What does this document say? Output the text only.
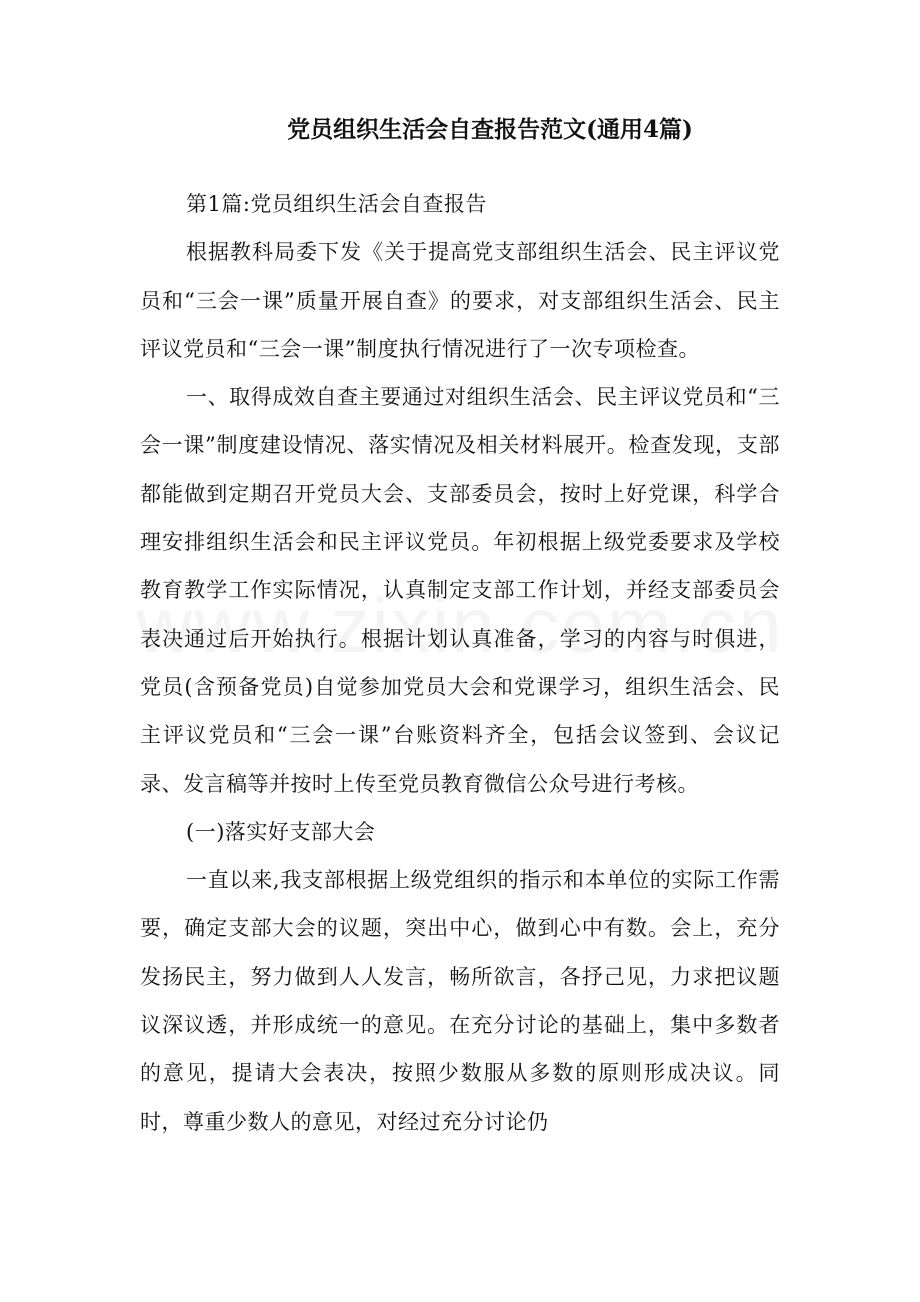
党员组织生活会自查报告范文(通用4篇)

第1篇:党员组织生活会自查报告

根据教科局委下发《关于提高党支部组织生活会、民主评议党员和“三会一课”质量开展自查》的要求，对支部组织生活会、民主评议党员和“三会一课”制度执行情况进行了一次专项检查。

一、取得成效自查主要通过对组织生活会、民主评议党员和“三会一课”制度建设情况、落实情况及相关材料展开。检查发现，支部都能做到定期召开党员大会、支部委员会，按时上好党课，科学合理安排组织生活会和民主评议党员。年初根据上级党委要求及学校教育教学工作实际情况，认真制定支部工作计划，并经支部委员会表决通过后开始执行。根据计划认真准备，学习的内容与时俱进，党员(含预备党员)自觉参加党员大会和党课学习，组织生活会、民主评议党员和“三会一课”台账资料齐全，包括会议签到、会议记录、发言稿等并按时上传至党员教育微信公众号进行考核。

(一)落实好支部大会

一直以来,我支部根据上级党组织的指示和本单位的实际工作需要，确定支部大会的议题，突出中心，做到心中有数。会上，充分发扬民主，努力做到人人发言，畅所欲言，各抒己见，力求把议题议深议透，并形成统一的意见。在充分讨论的基础上，集中多数者的意见，提请大会表决，按照少数服从多数的原则形成决议。同时，尊重少数人的意见，对经过充分讨论仍
